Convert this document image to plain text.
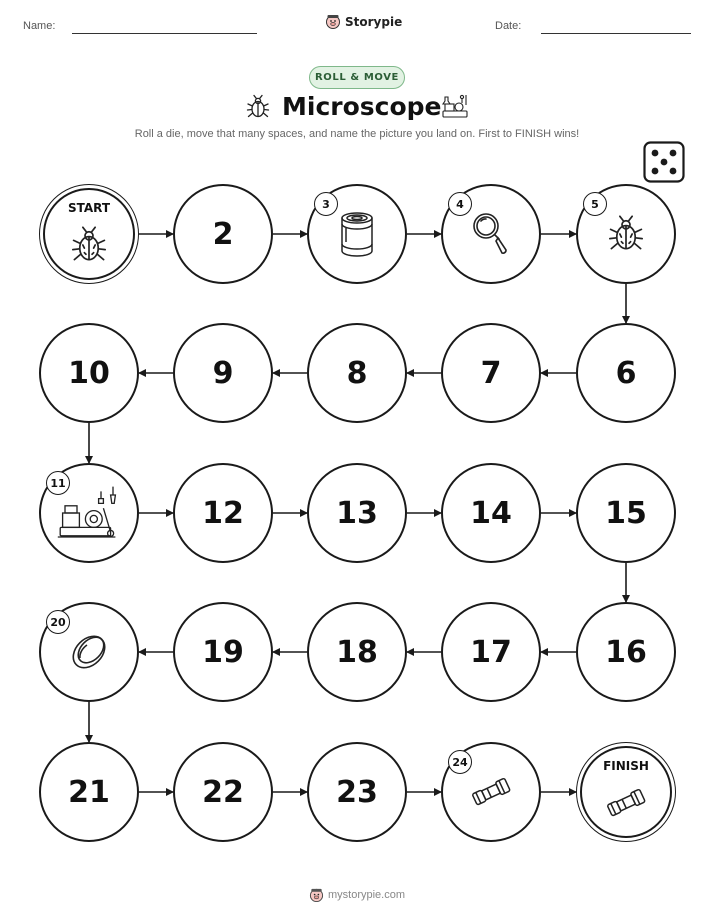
Name:	Storypie	Date:
ROLL & MOVE
Microscope
Roll a die, move that many spaces, and name the picture you land on. First to FINISH wins!
START
2
3	4	5
6
7
8
9
10
11
12	13	14	15
16
17
18
19
20
21	22	23
24	FINISH
mystorypie.com
